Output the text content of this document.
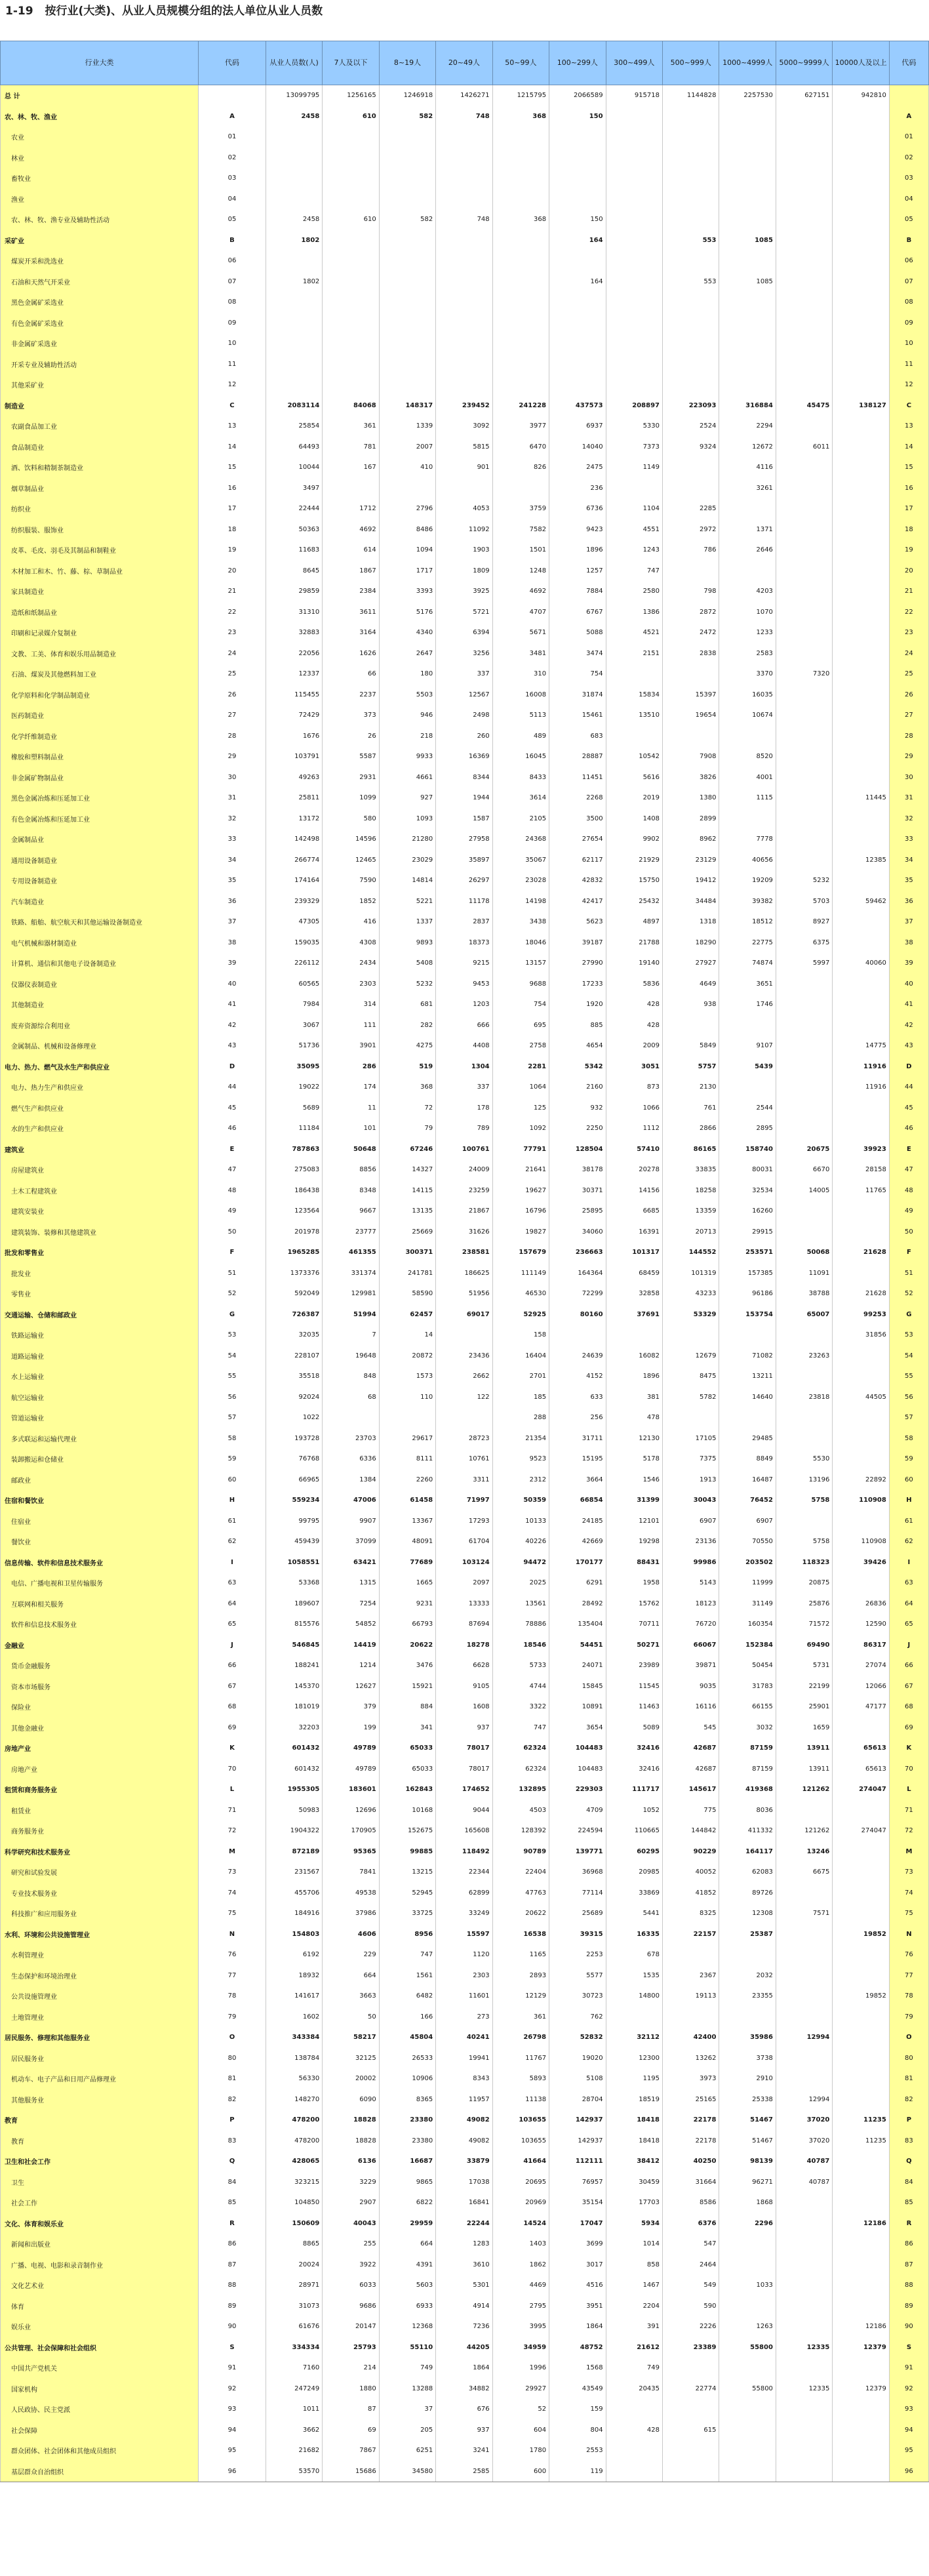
1-19 按行业(大类)、从业人员规模分组的法人单位从业人员数
行业大类	代码	从业人员数(人)	7人及以下	8~19人	20~49人	50~99人	100~299人	300~499人	500~999人	1000~4999人	5000~9999人	10000人及以上	代码
总 计		13099795	1256165	1246918	1426271	1215795	2066589	915718	1144828	2257530	627151	942810	
农、林、牧、渔业	A	2458	610	582	748	368	150						A
农业	01												01
林业	02												02
畜牧业	03												03
渔业	04												04
农、林、牧、渔专业及辅助性活动	05	2458	610	582	748	368	150						05
采矿业	B	1802					164		553	1085			B
煤炭开采和洗选业	06												06
石油和天然气开采业	07	1802					164		553	1085			07
黑色金属矿采选业	08												08
有色金属矿采选业	09												09
非金属矿采选业	10												10
开采专业及辅助性活动	11												11
其他采矿业	12												12
制造业	C	2083114	84068	148317	239452	241228	437573	208897	223093	316884	45475	138127	C
农副食品加工业	13	25854	361	1339	3092	3977	6937	5330	2524	2294			13
食品制造业	14	64493	781	2007	5815	6470	14040	7373	9324	12672	6011		14
酒、饮料和精制茶制造业	15	10044	167	410	901	826	2475	1149		4116			15
烟草制品业	16	3497					236			3261			16
纺织业	17	22444	1712	2796	4053	3759	6736	1104	2285				17
纺织服装、服饰业	18	50363	4692	8486	11092	7582	9423	4551	2972	1371			18
皮革、毛皮、羽毛及其制品和制鞋业	19	11683	614	1094	1903	1501	1896	1243	786	2646			19
木材加工和木、竹、藤、棕、草制品业	20	8645	1867	1717	1809	1248	1257	747					20
家具制造业	21	29859	2384	3393	3925	4692	7884	2580	798	4203			21
造纸和纸制品业	22	31310	3611	5176	5721	4707	6767	1386	2872	1070			22
印刷和记录媒介复制业	23	32883	3164	4340	6394	5671	5088	4521	2472	1233			23
文教、工美、体育和娱乐用品制造业	24	22056	1626	2647	3256	3481	3474	2151	2838	2583			24
石油、煤炭及其他燃料加工业	25	12337	66	180	337	310	754			3370	7320		25
化学原料和化学制品制造业	26	115455	2237	5503	12567	16008	31874	15834	15397	16035			26
医药制造业	27	72429	373	946	2498	5113	15461	13510	19654	10674			27
化学纤维制造业	28	1676	26	218	260	489	683						28
橡胶和塑料制品业	29	103791	5587	9933	16369	16045	28887	10542	7908	8520			29
非金属矿物制品业	30	49263	2931	4661	8344	8433	11451	5616	3826	4001			30
黑色金属冶炼和压延加工业	31	25811	1099	927	1944	3614	2268	2019	1380	1115		11445	31
有色金属冶炼和压延加工业	32	13172	580	1093	1587	2105	3500	1408	2899				32
金属制品业	33	142498	14596	21280	27958	24368	27654	9902	8962	7778			33
通用设备制造业	34	266774	12465	23029	35897	35067	62117	21929	23129	40656		12385	34
专用设备制造业	35	174164	7590	14814	26297	23028	42832	15750	19412	19209	5232		35
汽车制造业	36	239329	1852	5221	11178	14198	42417	25432	34484	39382	5703	59462	36
铁路、船舶、航空航天和其他运输设备制造业	37	47305	416	1337	2837	3438	5623	4897	1318	18512	8927		37
电气机械和器材制造业	38	159035	4308	9893	18373	18046	39187	21788	18290	22775	6375		38
计算机、通信和其他电子设备制造业	39	226112	2434	5408	9215	13157	27990	19140	27927	74874	5997	40060	39
仪器仪表制造业	40	60565	2303	5232	9453	9688	17233	5836	4649	3651			40
其他制造业	41	7984	314	681	1203	754	1920	428	938	1746			41
废弃资源综合利用业	42	3067	111	282	666	695	885	428					42
金属制品、机械和设备修理业	43	51736	3901	4275	4408	2758	4654	2009	5849	9107		14775	43
电力、热力、燃气及水生产和供应业	D	35095	286	519	1304	2281	5342	3051	5757	5439		11916	D
电力、热力生产和供应业	44	19022	174	368	337	1064	2160	873	2130			11916	44
燃气生产和供应业	45	5689	11	72	178	125	932	1066	761	2544			45
水的生产和供应业	46	11184	101	79	789	1092	2250	1112	2866	2895			46
建筑业	E	787863	50648	67246	100761	77791	128504	57410	86165	158740	20675	39923	E
房屋建筑业	47	275083	8856	14327	24009	21641	38178	20278	33835	80031	6670	28158	47
土木工程建筑业	48	186438	8348	14115	23259	19627	30371	14156	18258	32534	14005	11765	48
建筑安装业	49	123564	9667	13135	21867	16796	25895	6685	13359	16260			49
建筑装饰、装修和其他建筑业	50	201978	23777	25669	31626	19827	34060	16391	20713	29915			50
批发和零售业	F	1965285	461355	300371	238581	157679	236663	101317	144552	253571	50068	21628	F
批发业	51	1373376	331374	241781	186625	111149	164364	68459	101319	157385	11091		51
零售业	52	592049	129981	58590	51956	46530	72299	32858	43233	96186	38788	21628	52
交通运输、仓储和邮政业	G	726387	51994	62457	69017	52925	80160	37691	53329	153754	65007	99253	G
铁路运输业	53	32035	7	14		158						31856	53
道路运输业	54	228107	19648	20872	23436	16404	24639	16082	12679	71082	23263		54
水上运输业	55	35518	848	1573	2662	2701	4152	1896	8475	13211			55
航空运输业	56	92024	68	110	122	185	633	381	5782	14640	23818	44505	56
管道运输业	57	1022				288	256	478					57
多式联运和运输代理业	58	193728	23703	29617	28723	21354	31711	12130	17105	29485			58
装卸搬运和仓储业	59	76768	6336	8111	10761	9523	15195	5178	7375	8849	5530		59
邮政业	60	66965	1384	2260	3311	2312	3664	1546	1913	16487	13196	22892	60
住宿和餐饮业	H	559234	47006	61458	71997	50359	66854	31399	30043	76452	5758	110908	H
住宿业	61	99795	9907	13367	17293	10133	24185	12101	6907	6907			61
餐饮业	62	459439	37099	48091	61704	40226	42669	19298	23136	70550	5758	110908	62
信息传输、软件和信息技术服务业	I	1058551	63421	77689	103124	94472	170177	88431	99986	203502	118323	39426	I
电信、广播电视和卫星传输服务	63	53368	1315	1665	2097	2025	6291	1958	5143	11999	20875		63
互联网和相关服务	64	189607	7254	9231	13333	13561	28492	15762	18123	31149	25876	26836	64
软件和信息技术服务业	65	815576	54852	66793	87694	78886	135404	70711	76720	160354	71572	12590	65
金融业	J	546845	14419	20622	18278	18546	54451	50271	66067	152384	69490	86317	J
货币金融服务	66	188241	1214	3476	6628	5733	24071	23989	39871	50454	5731	27074	66
资本市场服务	67	145370	12627	15921	9105	4744	15845	11545	9035	31783	22199	12066	67
保险业	68	181019	379	884	1608	3322	10891	11463	16116	66155	25901	47177	68
其他金融业	69	32203	199	341	937	747	3654	5089	545	3032	1659		69
房地产业	K	601432	49789	65033	78017	62324	104483	32416	42687	87159	13911	65613	K
房地产业	70	601432	49789	65033	78017	62324	104483	32416	42687	87159	13911	65613	70
租赁和商务服务业	L	1955305	183601	162843	174652	132895	229303	111717	145617	419368	121262	274047	L
租赁业	71	50983	12696	10168	9044	4503	4709	1052	775	8036			71
商务服务业	72	1904322	170905	152675	165608	128392	224594	110665	144842	411332	121262	274047	72
科学研究和技术服务业	M	872189	95365	99885	118492	90789	139771	60295	90229	164117	13246		M
研究和试验发展	73	231567	7841	13215	22344	22404	36968	20985	40052	62083	6675		73
专业技术服务业	74	455706	49538	52945	62899	47763	77114	33869	41852	89726			74
科技推广和应用服务业	75	184916	37986	33725	33249	20622	25689	5441	8325	12308	7571		75
水利、环境和公共设施管理业	N	154803	4606	8956	15597	16538	39315	16335	22157	25387		19852	N
水利管理业	76	6192	229	747	1120	1165	2253	678					76
生态保护和环境治理业	77	18932	664	1561	2303	2893	5577	1535	2367	2032			77
公共设施管理业	78	141617	3663	6482	11601	12129	30723	14800	19113	23355		19852	78
土地管理业	79	1602	50	166	273	361	762						79
居民服务、修理和其他服务业	O	343384	58217	45804	40241	26798	52832	32112	42400	35986	12994		O
居民服务业	80	138784	32125	26533	19941	11767	19020	12300	13262	3738			80
机动车、电子产品和日用产品修理业	81	56330	20002	10906	8343	5893	5108	1195	3973	2910			81
其他服务业	82	148270	6090	8365	11957	11138	28704	18519	25165	25338	12994		82
教育	P	478200	18828	23380	49082	103655	142937	18418	22178	51467	37020	11235	P
教育	83	478200	18828	23380	49082	103655	142937	18418	22178	51467	37020	11235	83
卫生和社会工作	Q	428065	6136	16687	33879	41664	112111	38412	40250	98139	40787		Q
卫生	84	323215	3229	9865	17038	20695	76957	30459	31664	96271	40787		84
社会工作	85	104850	2907	6822	16841	20969	35154	17703	8586	1868			85
文化、体育和娱乐业	R	150609	40043	29959	22244	14524	17047	5934	6376	2296		12186	R
新闻和出版业	86	8865	255	664	1283	1403	3699	1014	547				86
广播、电视、电影和录音制作业	87	20024	3922	4391	3610	1862	3017	858	2464				87
文化艺术业	88	28971	6033	5603	5301	4469	4516	1467	549	1033			88
体育	89	31073	9686	6933	4914	2795	3951	2204	590				89
娱乐业	90	61676	20147	12368	7236	3995	1864	391	2226	1263		12186	90
公共管理、社会保障和社会组织	S	334334	25793	55110	44205	34959	48752	21612	23389	55800	12335	12379	S
中国共产党机关	91	7160	214	749	1864	1996	1568	749					91
国家机构	92	247249	1880	13288	34882	29927	43549	20435	22774	55800	12335	12379	92
人民政协、民主党派	93	1011	87	37	676	52	159						93
社会保障	94	3662	69	205	937	604	804	428	615				94
群众团体、社会团体和其他成员组织	95	21682	7867	6251	3241	1780	2553						95
基层群众自治组织	96	53570	15686	34580	2585	600	119						96
